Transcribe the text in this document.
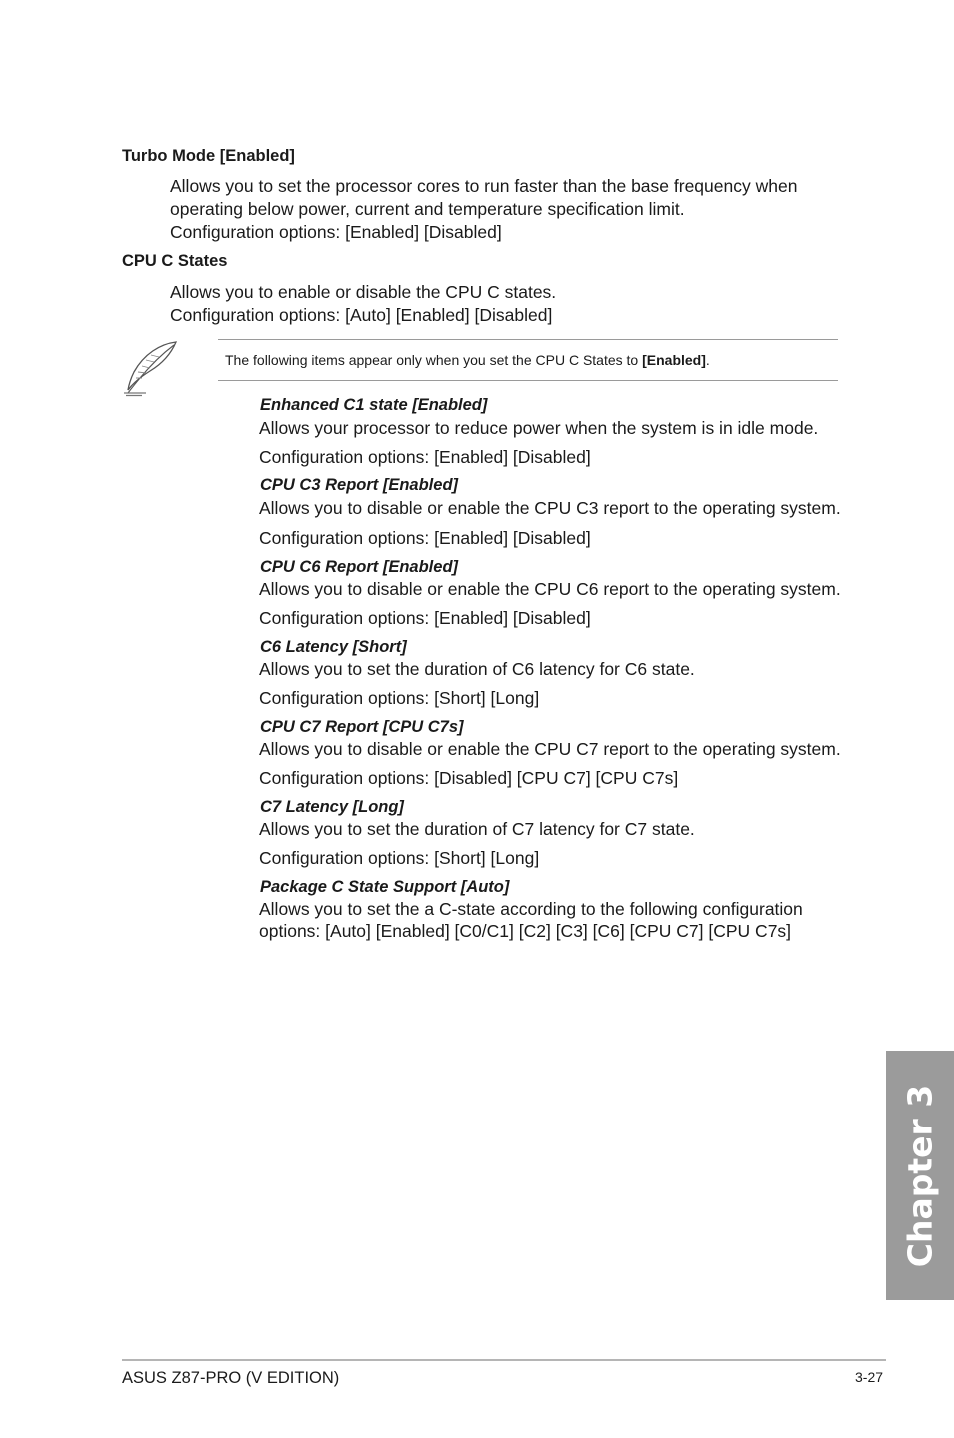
Turbo Mode [Enabled]
Allows you to set the processor cores to run faster than the base frequency when
operating below power, current and temperature specification limit.
Configuration options: [Enabled] [Disabled]
CPU C States
Allows you to enable or disable the CPU C states.
Configuration options: [Auto] [Enabled] [Disabled]
The following items appear only when you set the CPU C States to [Enabled].
Enhanced C1 state [Enabled]
Allows your processor to reduce power when the system is in idle mode.
Configuration options: [Enabled] [Disabled]
CPU C3 Report [Enabled]
Allows you to disable or enable the CPU C3 report to the operating system.
Configuration options: [Enabled] [Disabled]
CPU C6 Report [Enabled]
Allows you to disable or enable the CPU C6 report to the operating system.
Configuration options: [Enabled] [Disabled]
C6 Latency [Short]
Allows you to set the duration of C6 latency for C6 state.
Configuration options: [Short] [Long]
CPU C7 Report [CPU C7s]
Allows you to disable or enable the CPU C7 report to the operating system.
Configuration options: [Disabled] [CPU C7] [CPU C7s]
C7 Latency [Long]
Allows you to set the duration of C7 latency for C7 state.
Configuration options: [Short] [Long]
Package C State Support [Auto]
Allows you to set the a C-state according to the following configuration
options: [Auto] [Enabled] [C0/C1] [C2] [C3] [C6] [CPU C7] [CPU C7s]
Chapter 3
ASUS Z87-PRO (V EDITION)	3-27
